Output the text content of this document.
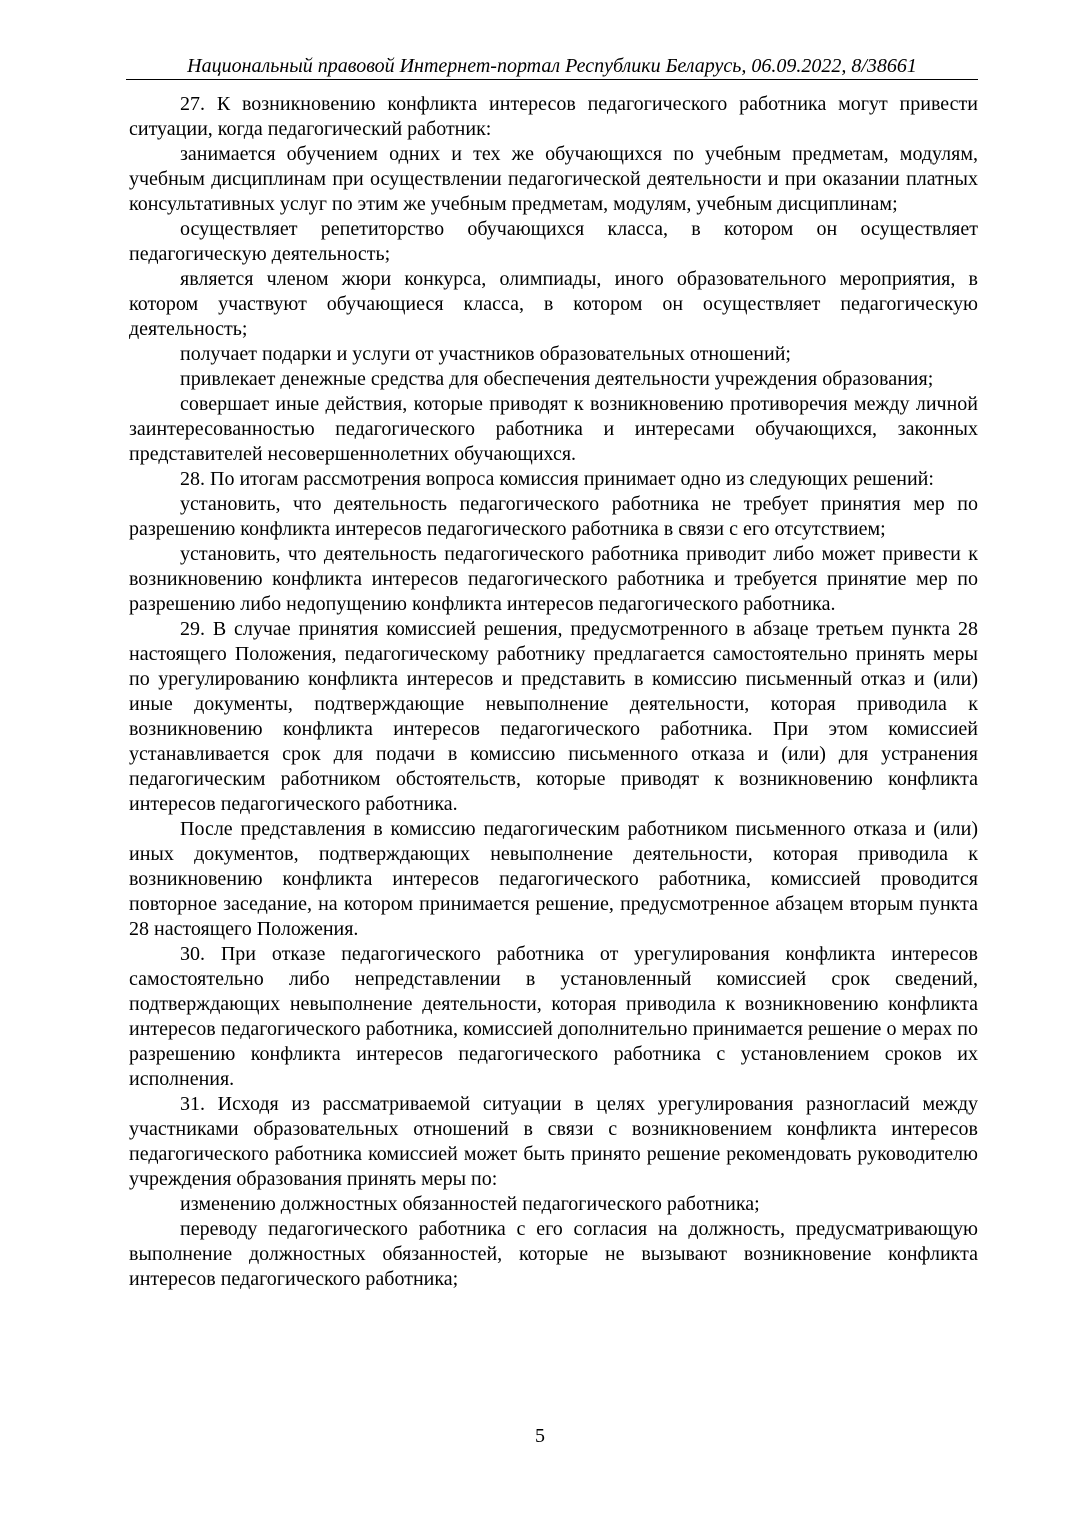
Национальный правовой Интернет-портал Республики Беларусь, 06.09.2022, 8/38661

27. К возникновению конфликта интересов педагогического работника могут привести ситуации, когда педагогический работник:

занимается обучением одних и тех же обучающихся по учебным предметам, модулям, учебным дисциплинам при осуществлении педагогической деятельности и при оказании платных консультативных услуг по этим же учебным предметам, модулям, учебным дисциплинам;

осуществляет репетиторство обучающихся класса, в котором он осуществляет педагогическую деятельность;

является членом жюри конкурса, олимпиады, иного образовательного мероприятия, в котором участвуют обучающиеся класса, в котором он осуществляет педагогическую деятельность;

получает подарки и услуги от участников образовательных отношений;

привлекает денежные средства для обеспечения деятельности учреждения образования;

совершает иные действия, которые приводят к возникновению противоречия между личной заинтересованностью педагогического работника и интересами обучающихся, законных представителей несовершеннолетних обучающихся.

28. По итогам рассмотрения вопроса комиссия принимает одно из следующих решений:

установить, что деятельность педагогического работника не требует принятия мер по разрешению конфликта интересов педагогического работника в связи с его отсутствием;

установить, что деятельность педагогического работника приводит либо может привести к возникновению конфликта интересов педагогического работника и требуется принятие мер по разрешению либо недопущению конфликта интересов педагогического работника.

29. В случае принятия комиссией решения, предусмотренного в абзаце третьем пункта 28 настоящего Положения, педагогическому работнику предлагается самостоятельно принять меры по урегулированию конфликта интересов и представить в комиссию письменный отказ и (или) иные документы, подтверждающие невыполнение деятельности, которая приводила к возникновению конфликта интересов педагогического работника. При этом комиссией устанавливается срок для подачи в комиссию письменного отказа и (или) для устранения педагогическим работником обстоятельств, которые приводят к возникновению конфликта интересов педагогического работника.

После представления в комиссию педагогическим работником письменного отказа и (или) иных документов, подтверждающих невыполнение деятельности, которая приводила к возникновению конфликта интересов педагогического работника, комиссией проводится повторное заседание, на котором принимается решение, предусмотренное абзацем вторым пункта 28 настоящего Положения.

30. При отказе педагогического работника от урегулирования конфликта интересов самостоятельно либо непредставлении в установленный комиссией срок сведений, подтверждающих невыполнение деятельности, которая приводила к возникновению конфликта интересов педагогического работника, комиссией дополнительно принимается решение о мерах по разрешению конфликта интересов педагогического работника с установлением сроков их исполнения.

31. Исходя из рассматриваемой ситуации в целях урегулирования разногласий между участниками образовательных отношений в связи с возникновением конфликта интересов педагогического работника комиссией может быть принято решение рекомендовать руководителю учреждения образования принять меры по:

изменению должностных обязанностей педагогического работника;

переводу педагогического работника с его согласия на должность, предусматривающую выполнение должностных обязанностей, которые не вызывают возникновение конфликта интересов педагогического работника;

5
